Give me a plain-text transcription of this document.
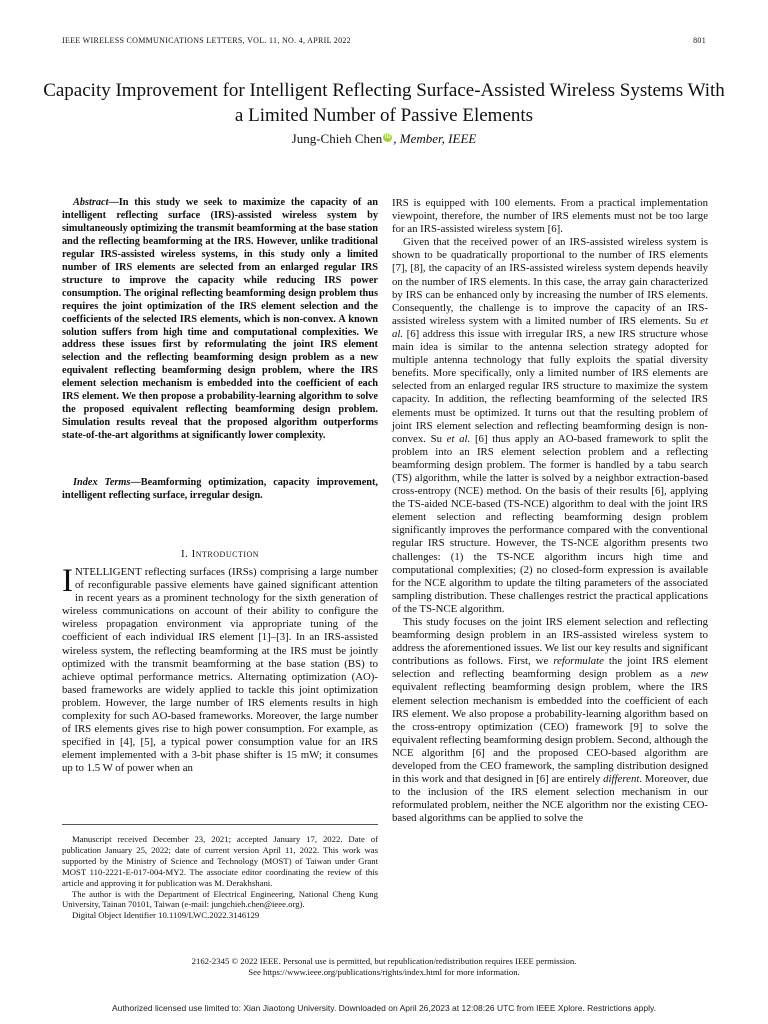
IEEE WIRELESS COMMUNICATIONS LETTERS, VOL. 11, NO. 4, APRIL 2022	801
Capacity Improvement for Intelligent Reflecting Surface-Assisted Wireless Systems With a Limited Number of Passive Elements
Jung-Chieh Chen iD , Member, IEEE

Abstract—In this study we seek to maximize the capacity of an intelligent reflecting surface (IRS)-assisted wireless system by simultaneously optimizing the transmit beamforming at the base station and the reflecting beamforming at the IRS. However, unlike traditional regular IRS-assisted wireless systems, in this study only a limited number of IRS elements are selected from an enlarged regular IRS structure to improve the capacity while reducing IRS power consumption. The original reflecting beamforming design problem thus requires the joint optimization of the IRS element selection and the coefficients of the selected IRS elements, which is non-convex. A known solution suffers from high time and computational complexities. We address these issues first by reformulating the joint IRS element selection and the reflecting beamforming design problem as a new equivalent reflecting beamforming design problem, where the IRS element selection mechanism is embedded into the coefficient of each IRS element. We then propose a probability-learning algorithm to solve the proposed equivalent reflecting beamforming design problem. Simulation results reveal that the proposed algorithm outperforms state-of-the-art algorithms at significantly lower complexity.

Index Terms—Beamforming optimization, capacity improvement, intelligent reflecting surface, irregular design.

I. Introduction

INTELLIGENT reflecting surfaces (IRSs) comprising a large number of reconfigurable passive elements have gained significant attention in recent years as a prominent technology for the sixth generation of wireless communications on account of their ability to configure the wireless propagation environment via appropriate tuning of the coefficient of each individual IRS element [1]–[3]. In an IRS-assisted wireless system, the reflecting beamforming at the IRS must be jointly optimized with the transmit beamforming at the base station (BS) to achieve optimal performance metrics. Alternating optimization (AO)-based frameworks are widely applied to tackle this joint optimization problem. However, the large number of IRS elements results in high complexity for such AO-based frameworks. Moreover, the large number of IRS elements gives rise to high power consumption. For example, as specified in [4], [5], a typical power consumption value for an IRS element implemented with a 3-bit phase shifter is 15 mW; it consumes up to 1.5 W of power when an

Manuscript received December 23, 2021; accepted January 17, 2022. Date of publication January 25, 2022; date of current version April 11, 2022. This work was supported by the Ministry of Science and Technology (MOST) of Taiwan under Grant MOST 110-2221-E-017-004-MY2. The associate editor coordinating the review of this article and approving it for publication was M. Derakhshani.

The author is with the Department of Electrical Engineering, National Cheng Kung University, Tainan 70101, Taiwan (e-mail: jungchieh.chen@ieee.org).

Digital Object Identifier 10.1109/LWC.2022.3146129

IRS is equipped with 100 elements. From a practical implementation viewpoint, therefore, the number of IRS elements must not be too large for an IRS-assisted wireless system [6].

Given that the received power of an IRS-assisted wireless system is shown to be quadratically proportional to the number of IRS elements [7], [8], the capacity of an IRS-assisted wireless system depends heavily on the number of IRS elements. In this case, the array gain characterized by IRS can be enhanced only by increasing the number of IRS elements. Consequently, the challenge is to improve the capacity of an IRS-assisted wireless system with a limited number of IRS elements. Su et al. [6] address this issue with irregular IRS, a new IRS structure whose main idea is similar to the antenna selection strategy adopted for multiple antenna technology that fully exploits the spatial diversity benefits. More specifically, only a limited number of IRS elements are selected from an enlarged regular IRS structure to maximize the system capacity. In addition, the reflecting beamforming of the selected IRS elements must be optimized. It turns out that the resulting problem of joint IRS element selection and reflecting beamforming design is non-convex. Su et al. [6] thus apply an AO-based framework to split the problem into an IRS element selection problem and a reflecting beamforming design problem. The former is handled by a tabu search (TS) algorithm, while the latter is solved by a neighbor extraction-based cross-entropy (NCE) method. On the basis of their results [6], applying the TS-aided NCE-based (TS-NCE) algorithm to deal with the joint IRS element selection and reflecting beamforming design problem significantly improves the performance compared with the conventional regular IRS structure. However, the TS-NCE algorithm presents two challenges: (1) the TS-NCE algorithm incurs high time and computational complexities; (2) no closed-form expression is available for the NCE algorithm to update the tilting parameters of the associated sampling distribution. These challenges restrict the practical applications of the TS-NCE algorithm.

This study focuses on the joint IRS element selection and reflecting beamforming design problem in an IRS-assisted wireless system to address the aforementioned issues. We list our key results and significant contributions as follows. First, we reformulate the joint IRS element selection and reflecting beamforming design problem as a new equivalent reflecting beamforming design problem, where the IRS element selection mechanism is embedded into the coefficient of each IRS element. We also propose a probability-learning algorithm based on the cross-entropy optimization (CEO) framework [9] to solve the equivalent reflecting beamforming design problem. Second, although the NCE algorithm [6] and the proposed CEO-based algorithm are developed from the CEO framework, the sampling distribution designed in this work and that designed in [6] are entirely different. Moreover, due to the inclusion of the IRS element selection mechanism in our reformulated problem, neither the NCE algorithm nor the existing CEO-based algorithms can be applied to solve the

2162-2345 © 2022 IEEE. Personal use is permitted, but republication/redistribution requires IEEE permission.
See https://www.ieee.org/publications/rights/index.html for more information.
Authorized licensed use limited to: Xian Jiaotong University. Downloaded on April 26,2023 at 12:08:26 UTC from IEEE Xplore. Restrictions apply.
